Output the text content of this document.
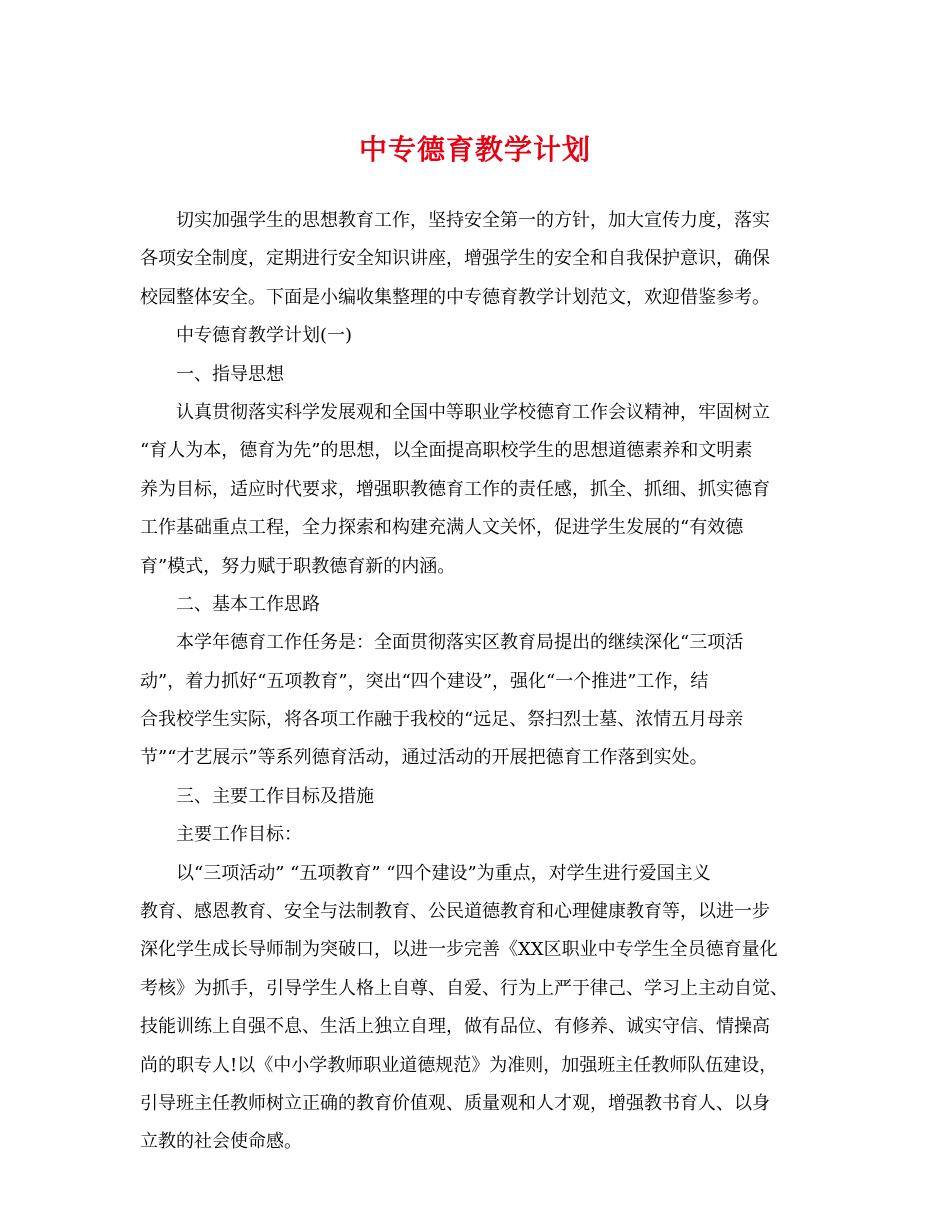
中专德育教学计划
切实加强学生的思想教育工作，坚持安全第一的方针，加大宣传力度，落实
各项安全制度，定期进行安全知识讲座，增强学生的安全和自我保护意识，确保
校园整体安全。下面是小编收集整理的中专德育教学计划范文，欢迎借鉴参考。
中专德育教学计划(一)
一、指导思想
认真贯彻落实科学发展观和全国中等职业学校德育工作会议精神，牢固树立
“育人为本，德育为先”的思想，以全面提高职校学生的思想道德素养和文明素
养为目标，适应时代要求，增强职教德育工作的责任感，抓全、抓细、抓实德育
工作基础重点工程，全力探索和构建充满人文关怀，促进学生发展的“有效德
育”模式，努力赋于职教德育新的内涵。
二、基本工作思路
本学年德育工作任务是：全面贯彻落实区教育局提出的继续深化“三项活
动”，着力抓好“五项教育”，突出“四个建设”，强化“一个推进”工作，结
合我校学生实际，将各项工作融于我校的“远足、祭扫烈士墓、浓情五月母亲
节”“才艺展示”等系列德育活动，通过活动的开展把德育工作落到实处。
三、主要工作目标及措施
主要工作目标：
以“三项活动” “五项教育” “四个建设”为重点，对学生进行爱国主义
教育、感恩教育、安全与法制教育、公民道德教育和心理健康教育等，以进一步
深化学生成长导师制为突破口，以进一步完善《XX区职业中专学生全员德育量化
考核》为抓手，引导学生人格上自尊、自爱、行为上严于律己、学习上主动自觉、
技能训练上自强不息、生活上独立自理，做有品位、有修养、诚实守信、情操高
尚的职专人!以《中小学教师职业道德规范》为准则，加强班主任教师队伍建设，
引导班主任教师树立正确的教育价值观、质量观和人才观，增强教书育人、以身
立教的社会使命感。
